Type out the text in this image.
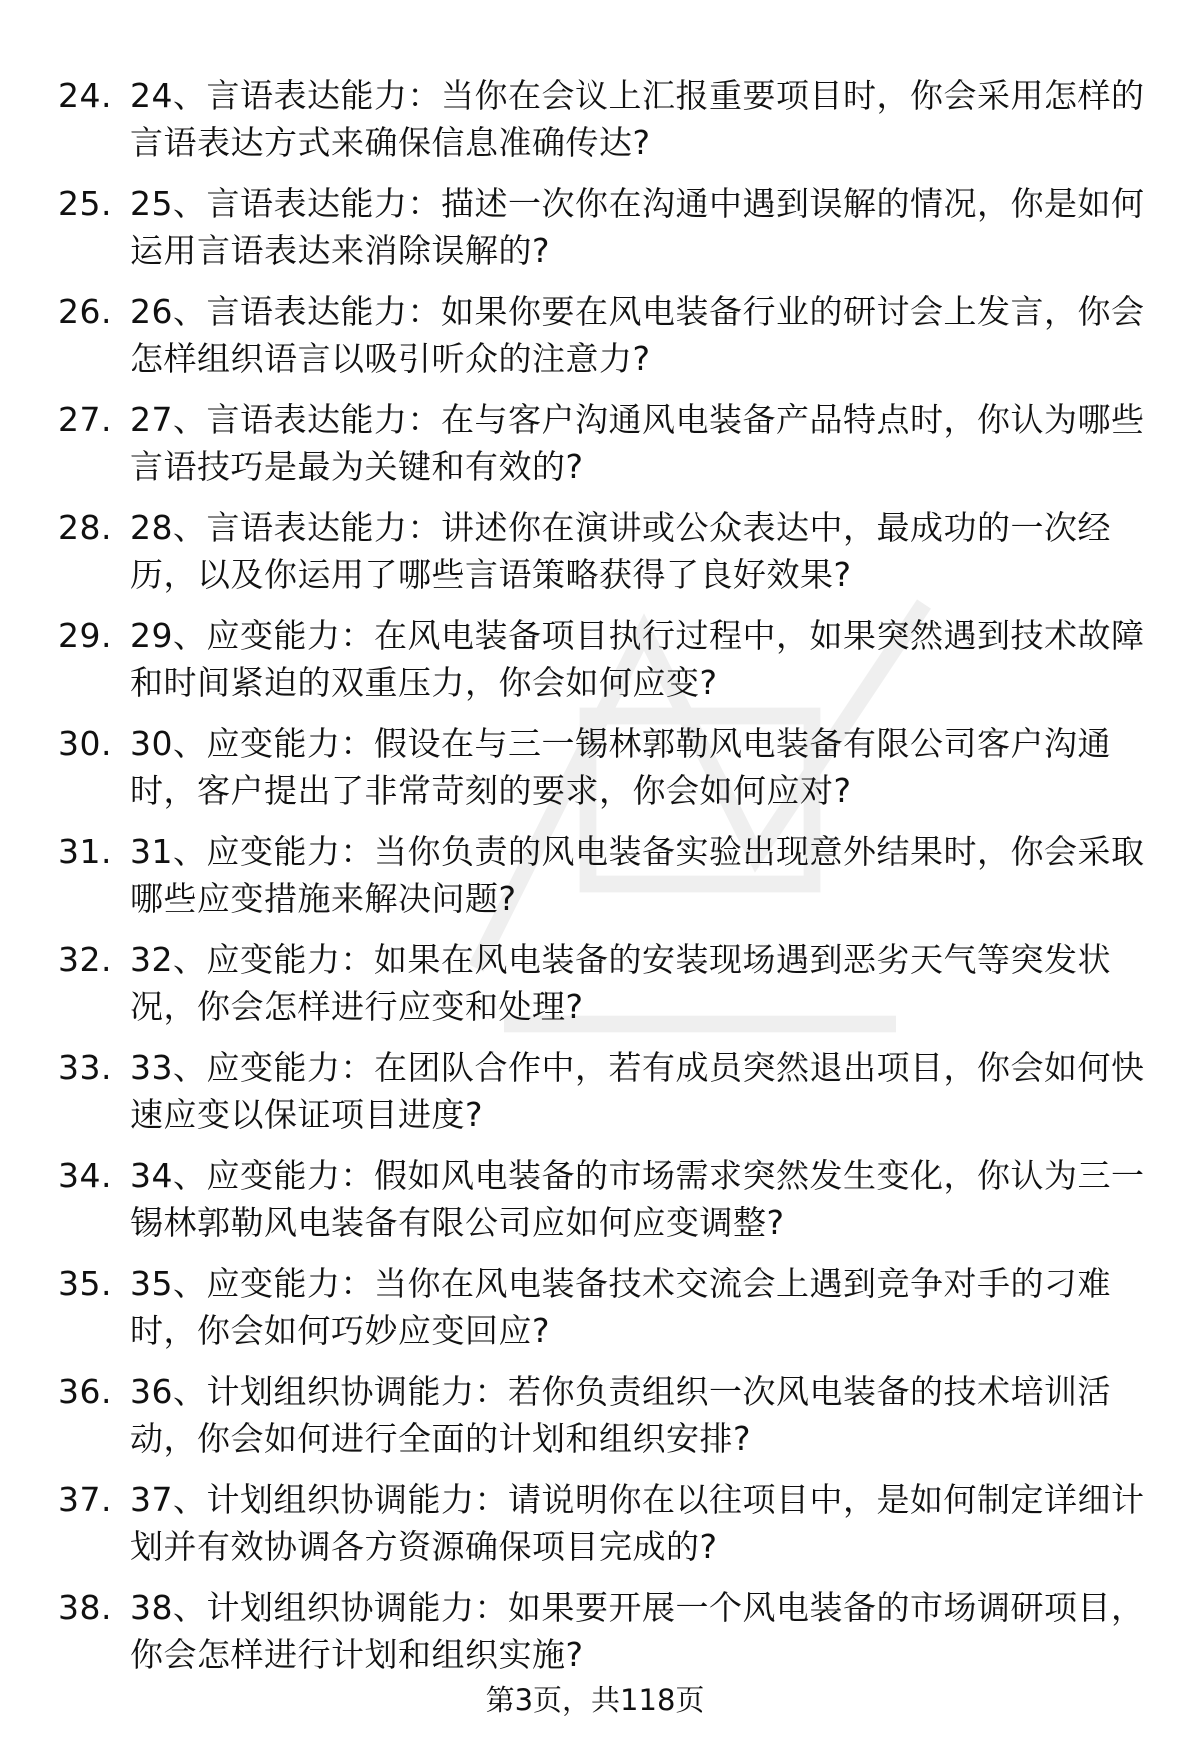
24. 24、言语表达能力：当你在会议上汇报重要项目时，你会采用怎样的言语表达方式来确保信息准确传达?
25. 25、言语表达能力：描述一次你在沟通中遇到误解的情况，你是如何运用言语表达来消除误解的?
26. 26、言语表达能力：如果你要在风电装备行业的研讨会上发言，你会怎样组织语言以吸引听众的注意力?
27. 27、言语表达能力：在与客户沟通风电装备产品特点时，你认为哪些言语技巧是最为关键和有效的?
28. 28、言语表达能力：讲述你在演讲或公众表达中，最成功的一次经历，以及你运用了哪些言语策略获得了良好效果?
29. 29、应变能力：在风电装备项目执行过程中，如果突然遇到技术故障和时间紧迫的双重压力，你会如何应变?
30. 30、应变能力：假设在与三一锡林郭勒风电装备有限公司客户沟通时，客户提出了非常苛刻的要求，你会如何应对?
31. 31、应变能力：当你负责的风电装备实验出现意外结果时，你会采取哪些应变措施来解决问题?
32. 32、应变能力：如果在风电装备的安装现场遇到恶劣天气等突发状况，你会怎样进行应变和处理?
33. 33、应变能力：在团队合作中，若有成员突然退出项目，你会如何快速应变以保证项目进度?
34. 34、应变能力：假如风电装备的市场需求突然发生变化，你认为三一锡林郭勒风电装备有限公司应如何应变调整?
35. 35、应变能力：当你在风电装备技术交流会上遇到竞争对手的刁难时，你会如何巧妙应变回应?
36. 36、计划组织协调能力：若你负责组织一次风电装备的技术培训活动，你会如何进行全面的计划和组织安排?
37. 37、计划组织协调能力：请说明你在以往项目中，是如何制定详细计划并有效协调各方资源确保项目完成的?
38. 38、计划组织协调能力：如果要开展一个风电装备的市场调研项目，你会怎样进行计划和组织实施?
第3页，共118页
